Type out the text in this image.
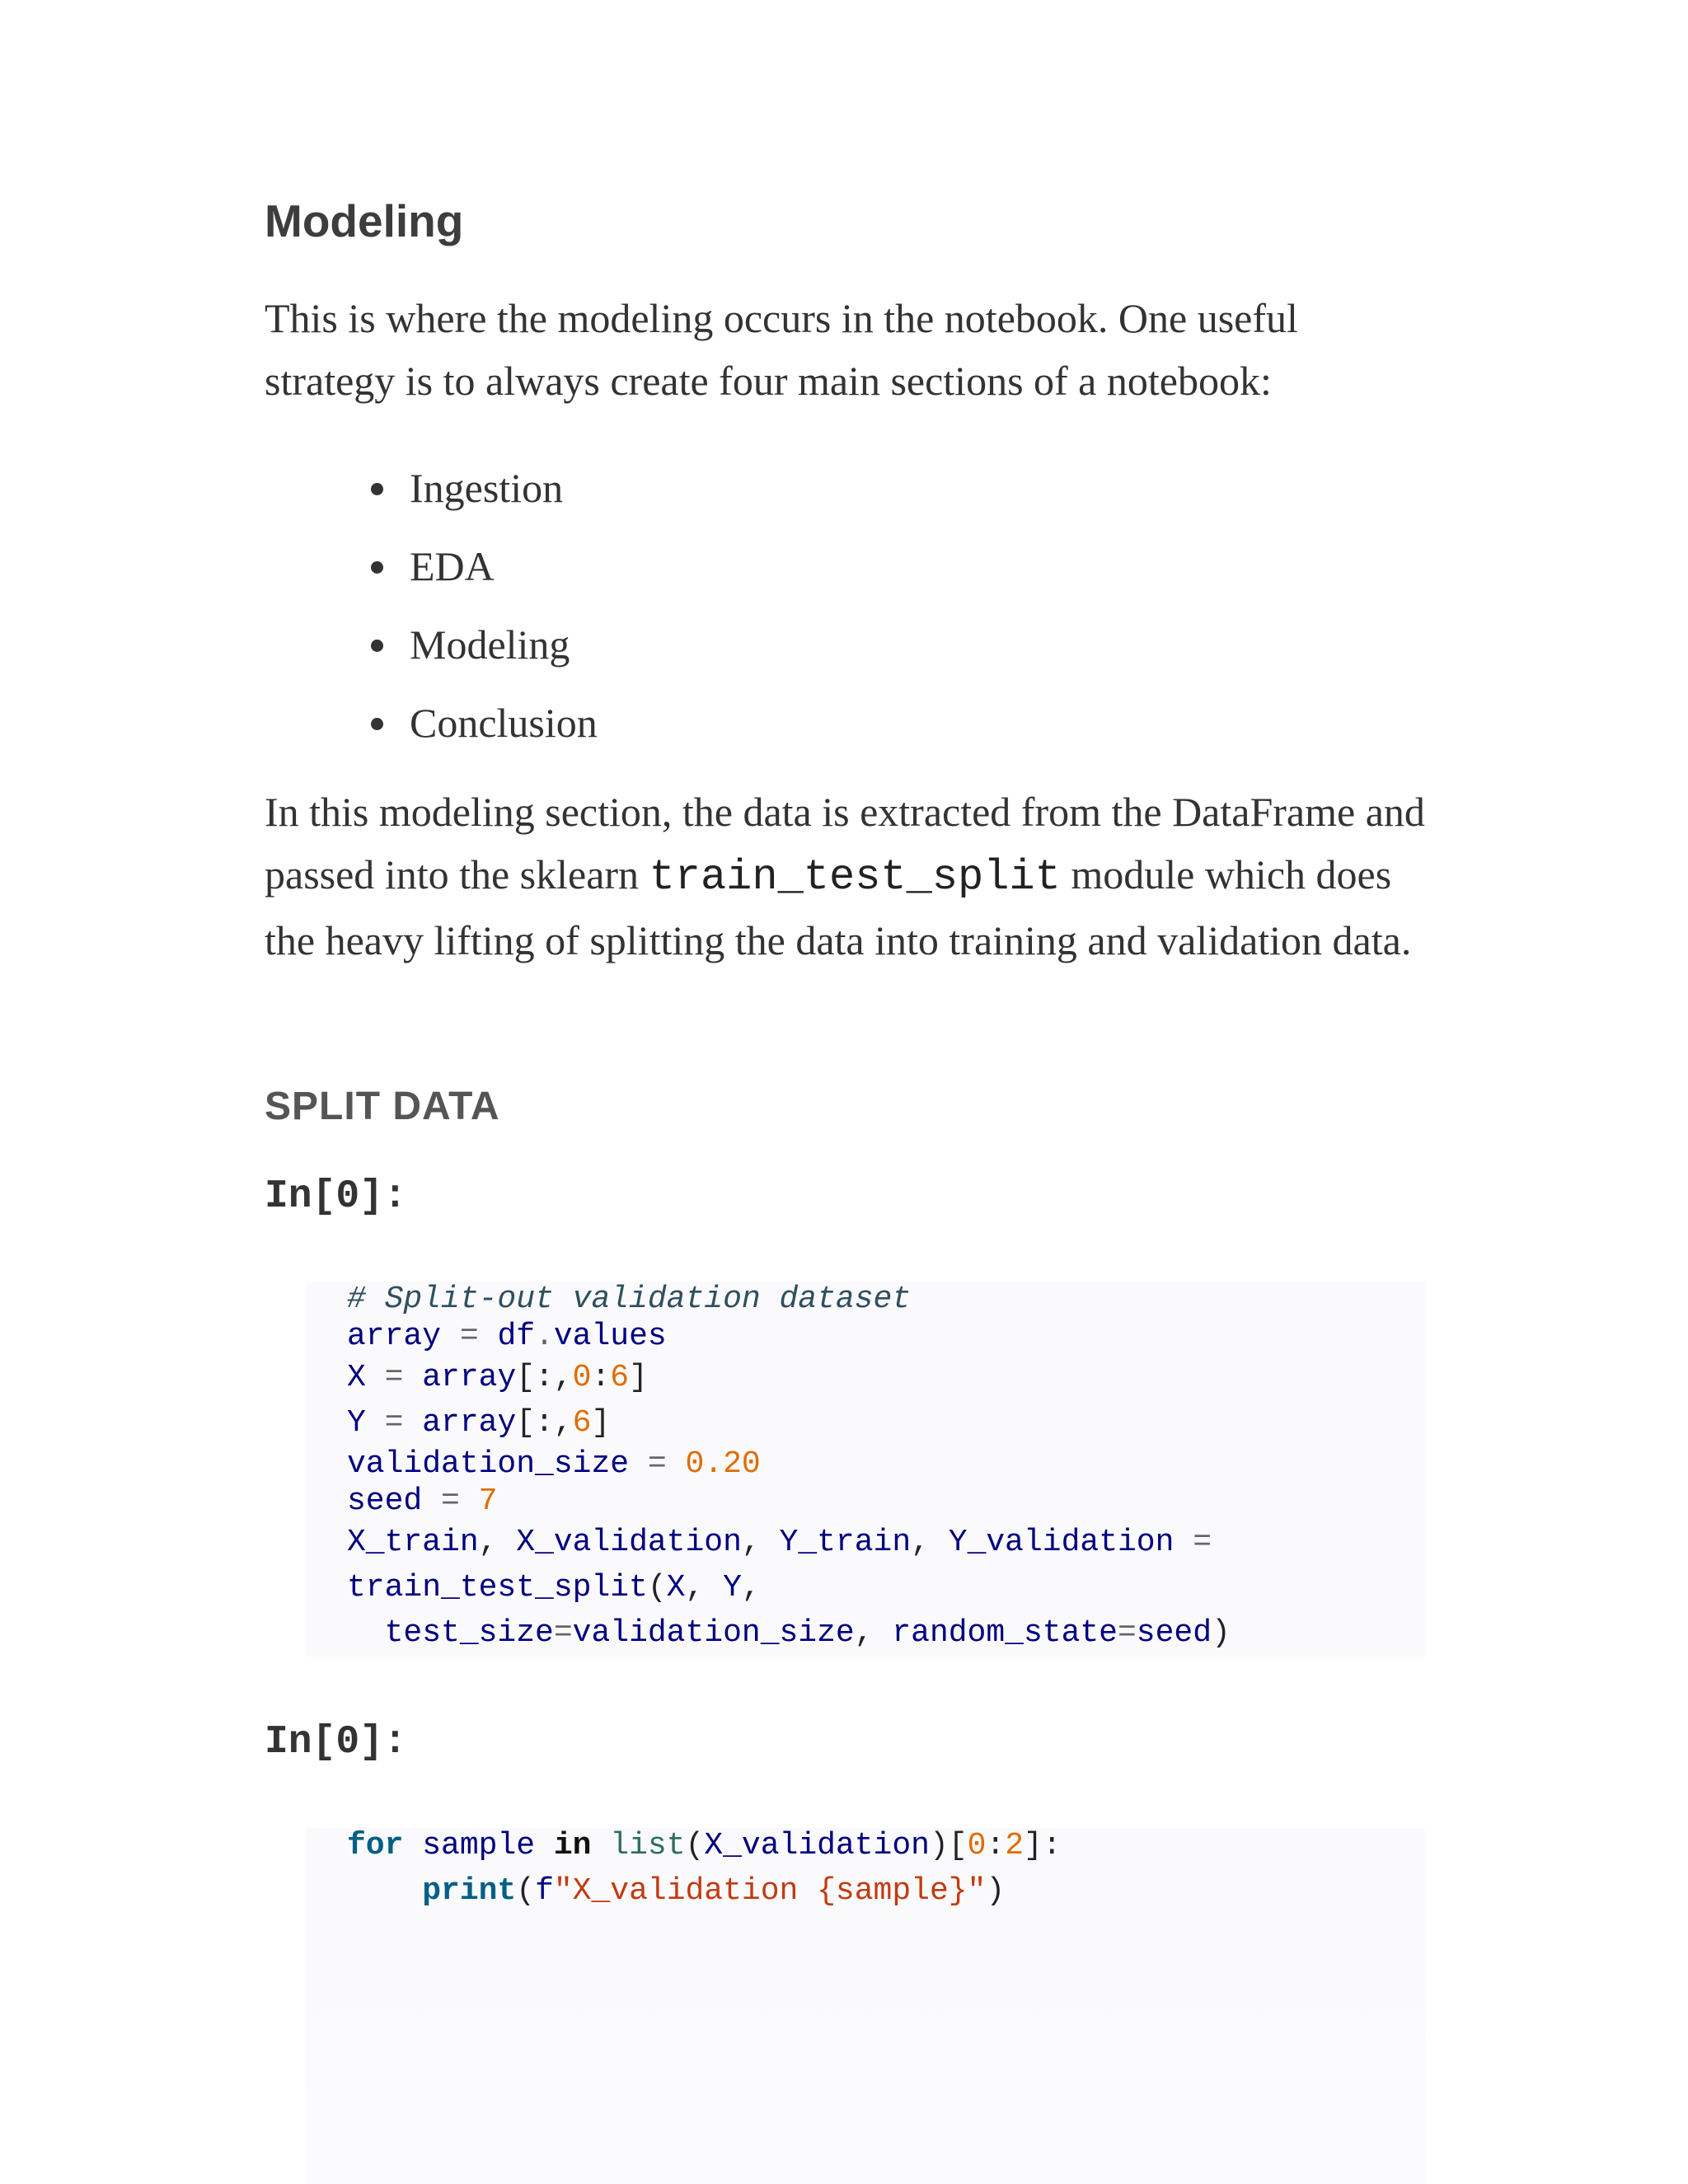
Modeling

This is where the modeling occurs in the notebook. One useful strategy is to always create four main sections of a notebook:

Ingestion
EDA
Modeling
Conclusion

In this modeling section, the data is extracted from the DataFrame and passed into the sklearn train_test_split module which does the heavy lifting of splitting the data into training and validation data.

SPLIT DATA
In[0]:

# Split-out validation dataset

array = df.values

X = array[:,0:6]

Y = array[:,6]

validation_size = 0.20

seed = 7

X_train, X_validation, Y_train, Y_validation =

train_test_split(X, Y,

test_size=validation_size, random_state=seed)

In[0]:

for sample in list(X_validation)[0:2]:

print(f"X_validation {sample}")
